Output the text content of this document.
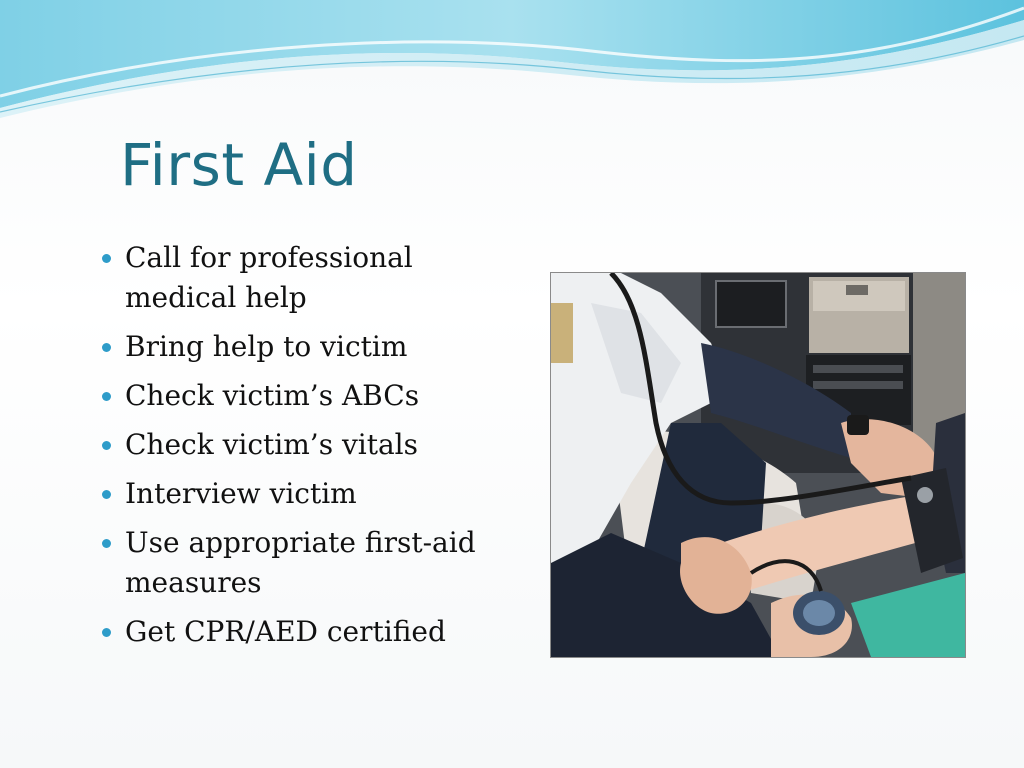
First Aid
Call for professional medical help
Bring help to victim
Check victim’s ABCs
Check victim’s vitals
Interview victim
Use appropriate first-aid measures
Get CPR/AED certified
